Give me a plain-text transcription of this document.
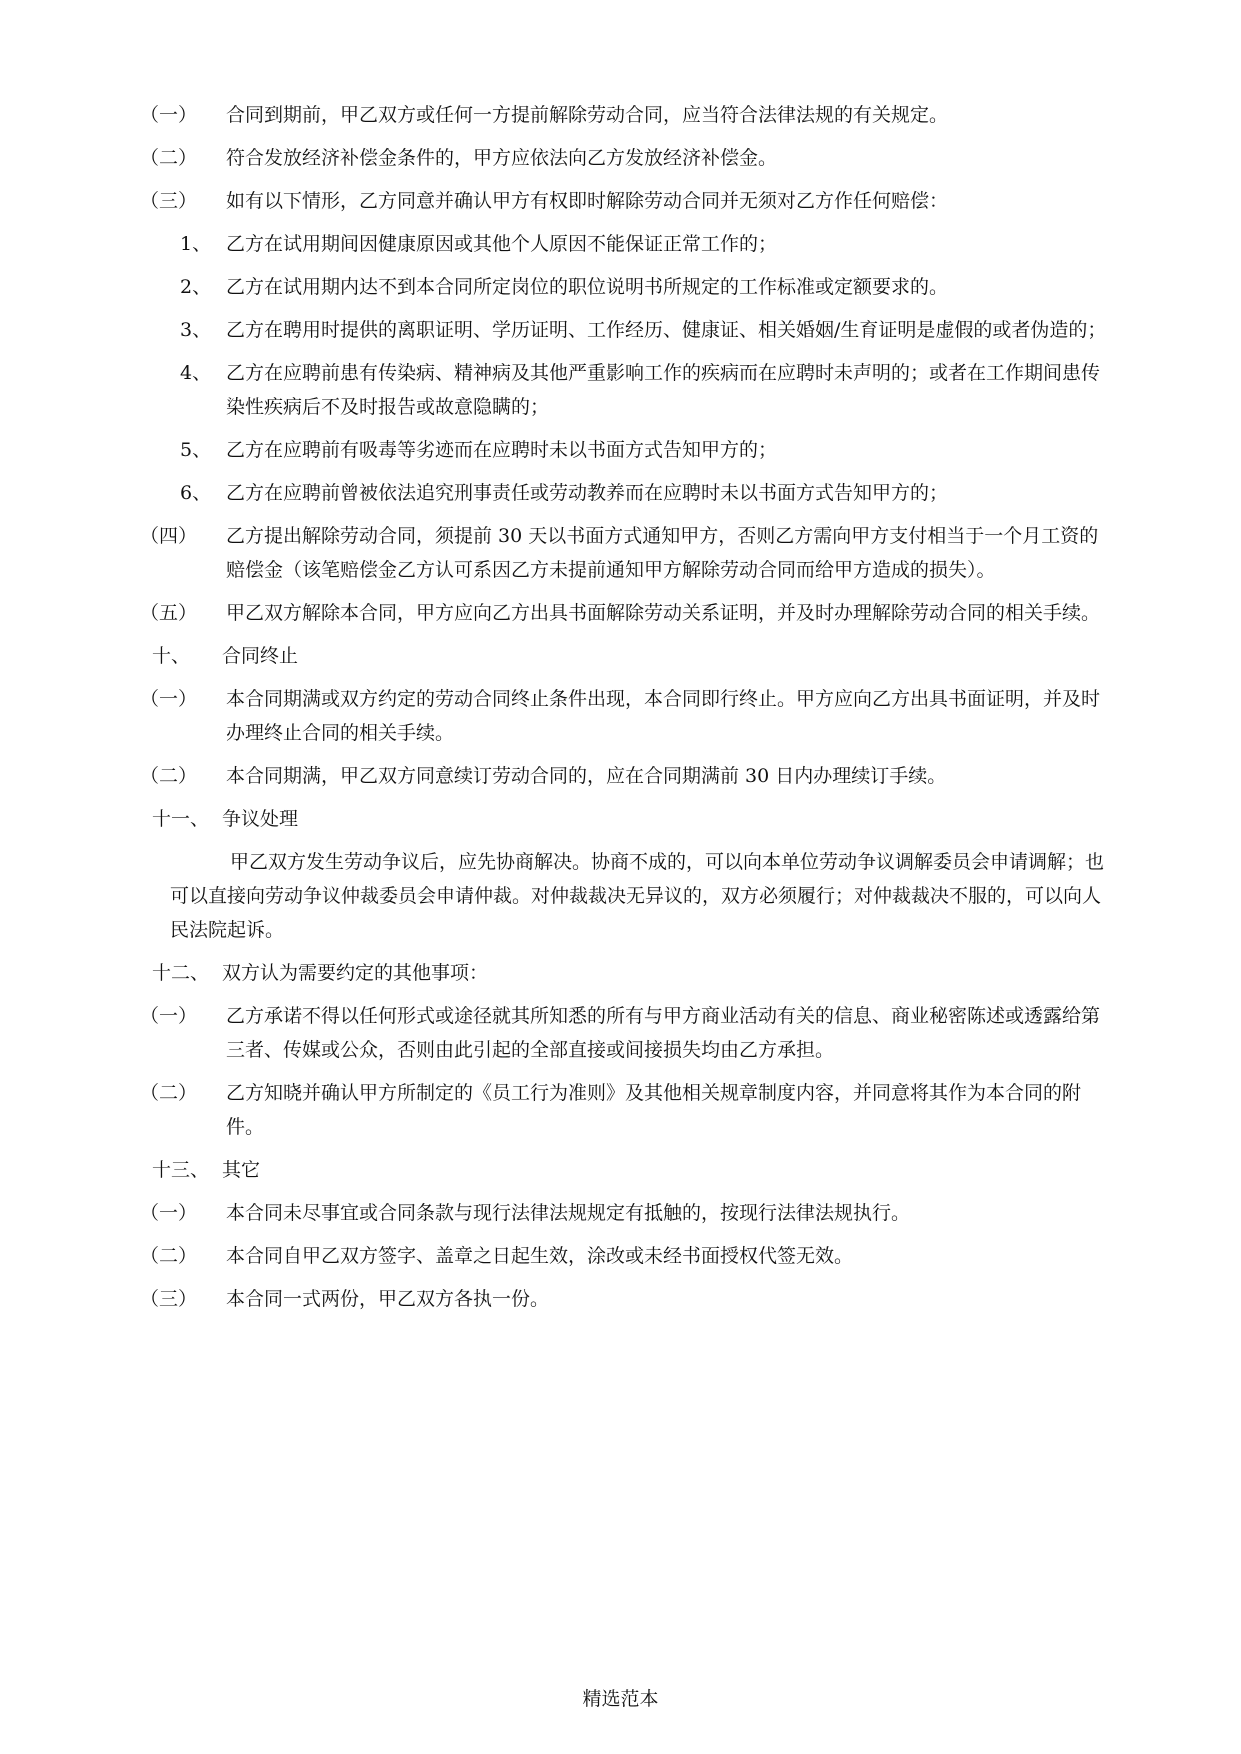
（一）	合同到期前，甲乙双方或任何一方提前解除劳动合同，应当符合法律法规的有关规定。
（二）	符合发放经济补偿金条件的，甲方应依法向乙方发放经济补偿金。
（三）	如有以下情形，乙方同意并确认甲方有权即时解除劳动合同并无须对乙方作任何赔偿：
1、 乙方在试用期间因健康原因或其他个人原因不能保证正常工作的；
2、 乙方在试用期内达不到本合同所定岗位的职位说明书所规定的工作标准或定额要求的。
3、 乙方在聘用时提供的离职证明、学历证明、工作经历、健康证、相关婚姻/生育证明是虚假的或者伪造的；
4、 乙方在应聘前患有传染病、精神病及其他严重影响工作的疾病而在应聘时未声明的；或者在工作期间患传染性疾病后不及时报告或故意隐瞒的；
5、 乙方在应聘前有吸毒等劣迹而在应聘时未以书面方式告知甲方的；
6、 乙方在应聘前曾被依法追究刑事责任或劳动教养而在应聘时未以书面方式告知甲方的；
（四）	乙方提出解除劳动合同，须提前 30 天以书面方式通知甲方，否则乙方需向甲方支付相当于一个月工资的赔偿金（该笔赔偿金乙方认可系因乙方未提前通知甲方解除劳动合同而给甲方造成的损失）。
（五）	甲乙双方解除本合同，甲方应向乙方出具书面解除劳动关系证明，并及时办理解除劳动合同的相关手续。
十、	合同终止
（一）	本合同期满或双方约定的劳动合同终止条件出现，本合同即行终止。甲方应向乙方出具书面证明，并及时办理终止合同的相关手续。
（二）	本合同期满，甲乙双方同意续订劳动合同的，应在合同期满前 30 日内办理续订手续。
十一、 争议处理
甲乙双方发生劳动争议后，应先协商解决。协商不成的，可以向本单位劳动争议调解委员会申请调解；也可以直接向劳动争议仲裁委员会申请仲裁。对仲裁裁决无异议的，双方必须履行；对仲裁裁决不服的，可以向人民法院起诉。
十二、 双方认为需要约定的其他事项：
（一）	乙方承诺不得以任何形式或途径就其所知悉的所有与甲方商业活动有关的信息、商业秘密陈述或透露给第三者、传媒或公众，否则由此引起的全部直接或间接损失均由乙方承担。
（二）	乙方知晓并确认甲方所制定的《员工行为准则》及其他相关规章制度内容，并同意将其作为本合同的附件。
十三、 其它
（一）	本合同未尽事宜或合同条款与现行法律法规规定有抵触的，按现行法律法规执行。
（二）	本合同自甲乙双方签字、盖章之日起生效，涂改或未经书面授权代签无效。
（三）	本合同一式两份，甲乙双方各执一份。
精选范本
